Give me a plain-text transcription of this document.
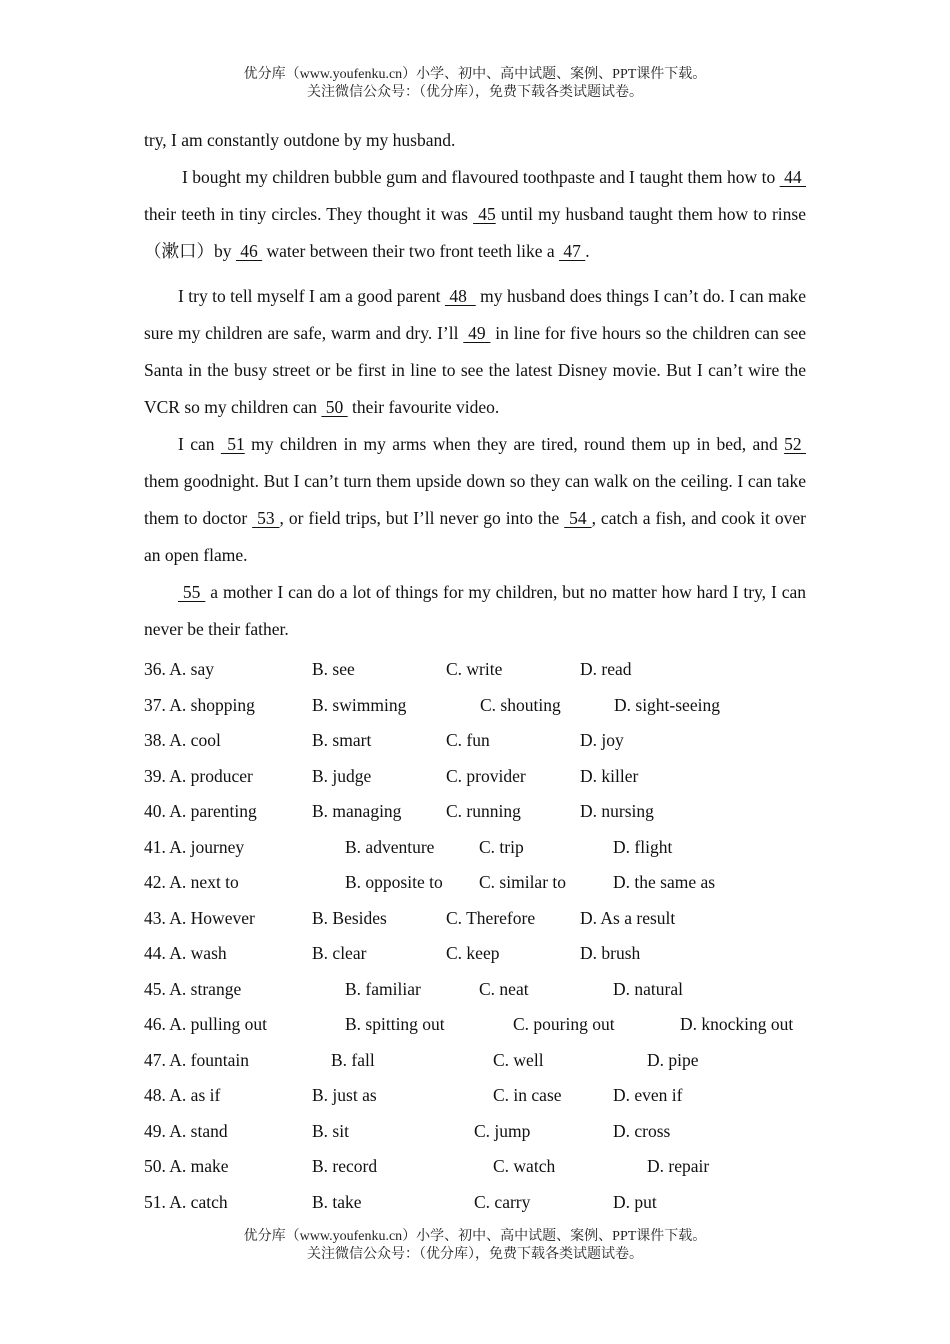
优分库（www.youfenku.cn）小学、初中、高中试题、案例、PPT课件下载。
关注微信公众号：（优分库），免费下载各类试题试卷。

try, I am constantly outdone by my husband.

I bought my children bubble gum and flavoured toothpaste and I taught them how to  44  their teeth in tiny circles. They thought it was  45 until my husband taught them how to rinse（漱口）by  46  water between their two front teeth like a  47 .

I try to tell myself I am a good parent  48   my husband does things I can’t do. I can make sure my children are safe, warm and dry. I’ll  49  in line for five hours so the children can see Santa in the busy street or be first in line to see the latest Disney movie. But I can’t wire the VCR so my children can  50  their favourite video.

I can  51 my children in my arms when they are tired, round them up in bed, and 52  them goodnight. But I can’t turn them upside down so they can walk on the ceiling. I can take them to doctor  53 , or field trips, but I’ll never go into the  54 , catch a fish, and cook it over an open flame.

55  a mother I can do a lot of things for my children, but no matter how hard I try, I can never be their father.

36. A. say	B. see	C. write	D. read
37. A. shopping	B. swimming	C. shouting	D. sight-seeing
38. A. cool	B. smart	C. fun	D. joy
39. A. producer	B. judge	C. provider	D. killer
40. A. parenting	B. managing	C. running	D. nursing
41. A. journey	B. adventure	C. trip	D. flight
42. A. next to	B. opposite to C. similar to	D. the same as
43. A. However	B. Besides	C. Therefore	D. As a result
44. A. wash	B. clear	C. keep	D. brush
45. A. strange	B. familiar	C. neat	D. natural
46. A. pulling out	B. spitting out	C. pouring out	D. knocking out
47. A. fountain	B. fall	C. well	D. pipe
48. A. as if	B. just as	C. in case	D. even if
49. A. stand	B. sit	C. jump	D. cross
50. A. make	B. record	C. watch	D. repair
51. A. catch	B. take	C. carry	D. put
优分库（www.youfenku.cn）小学、初中、高中试题、案例、PPT课件下载。
关注微信公众号：（优分库），免费下载各类试题试卷。
